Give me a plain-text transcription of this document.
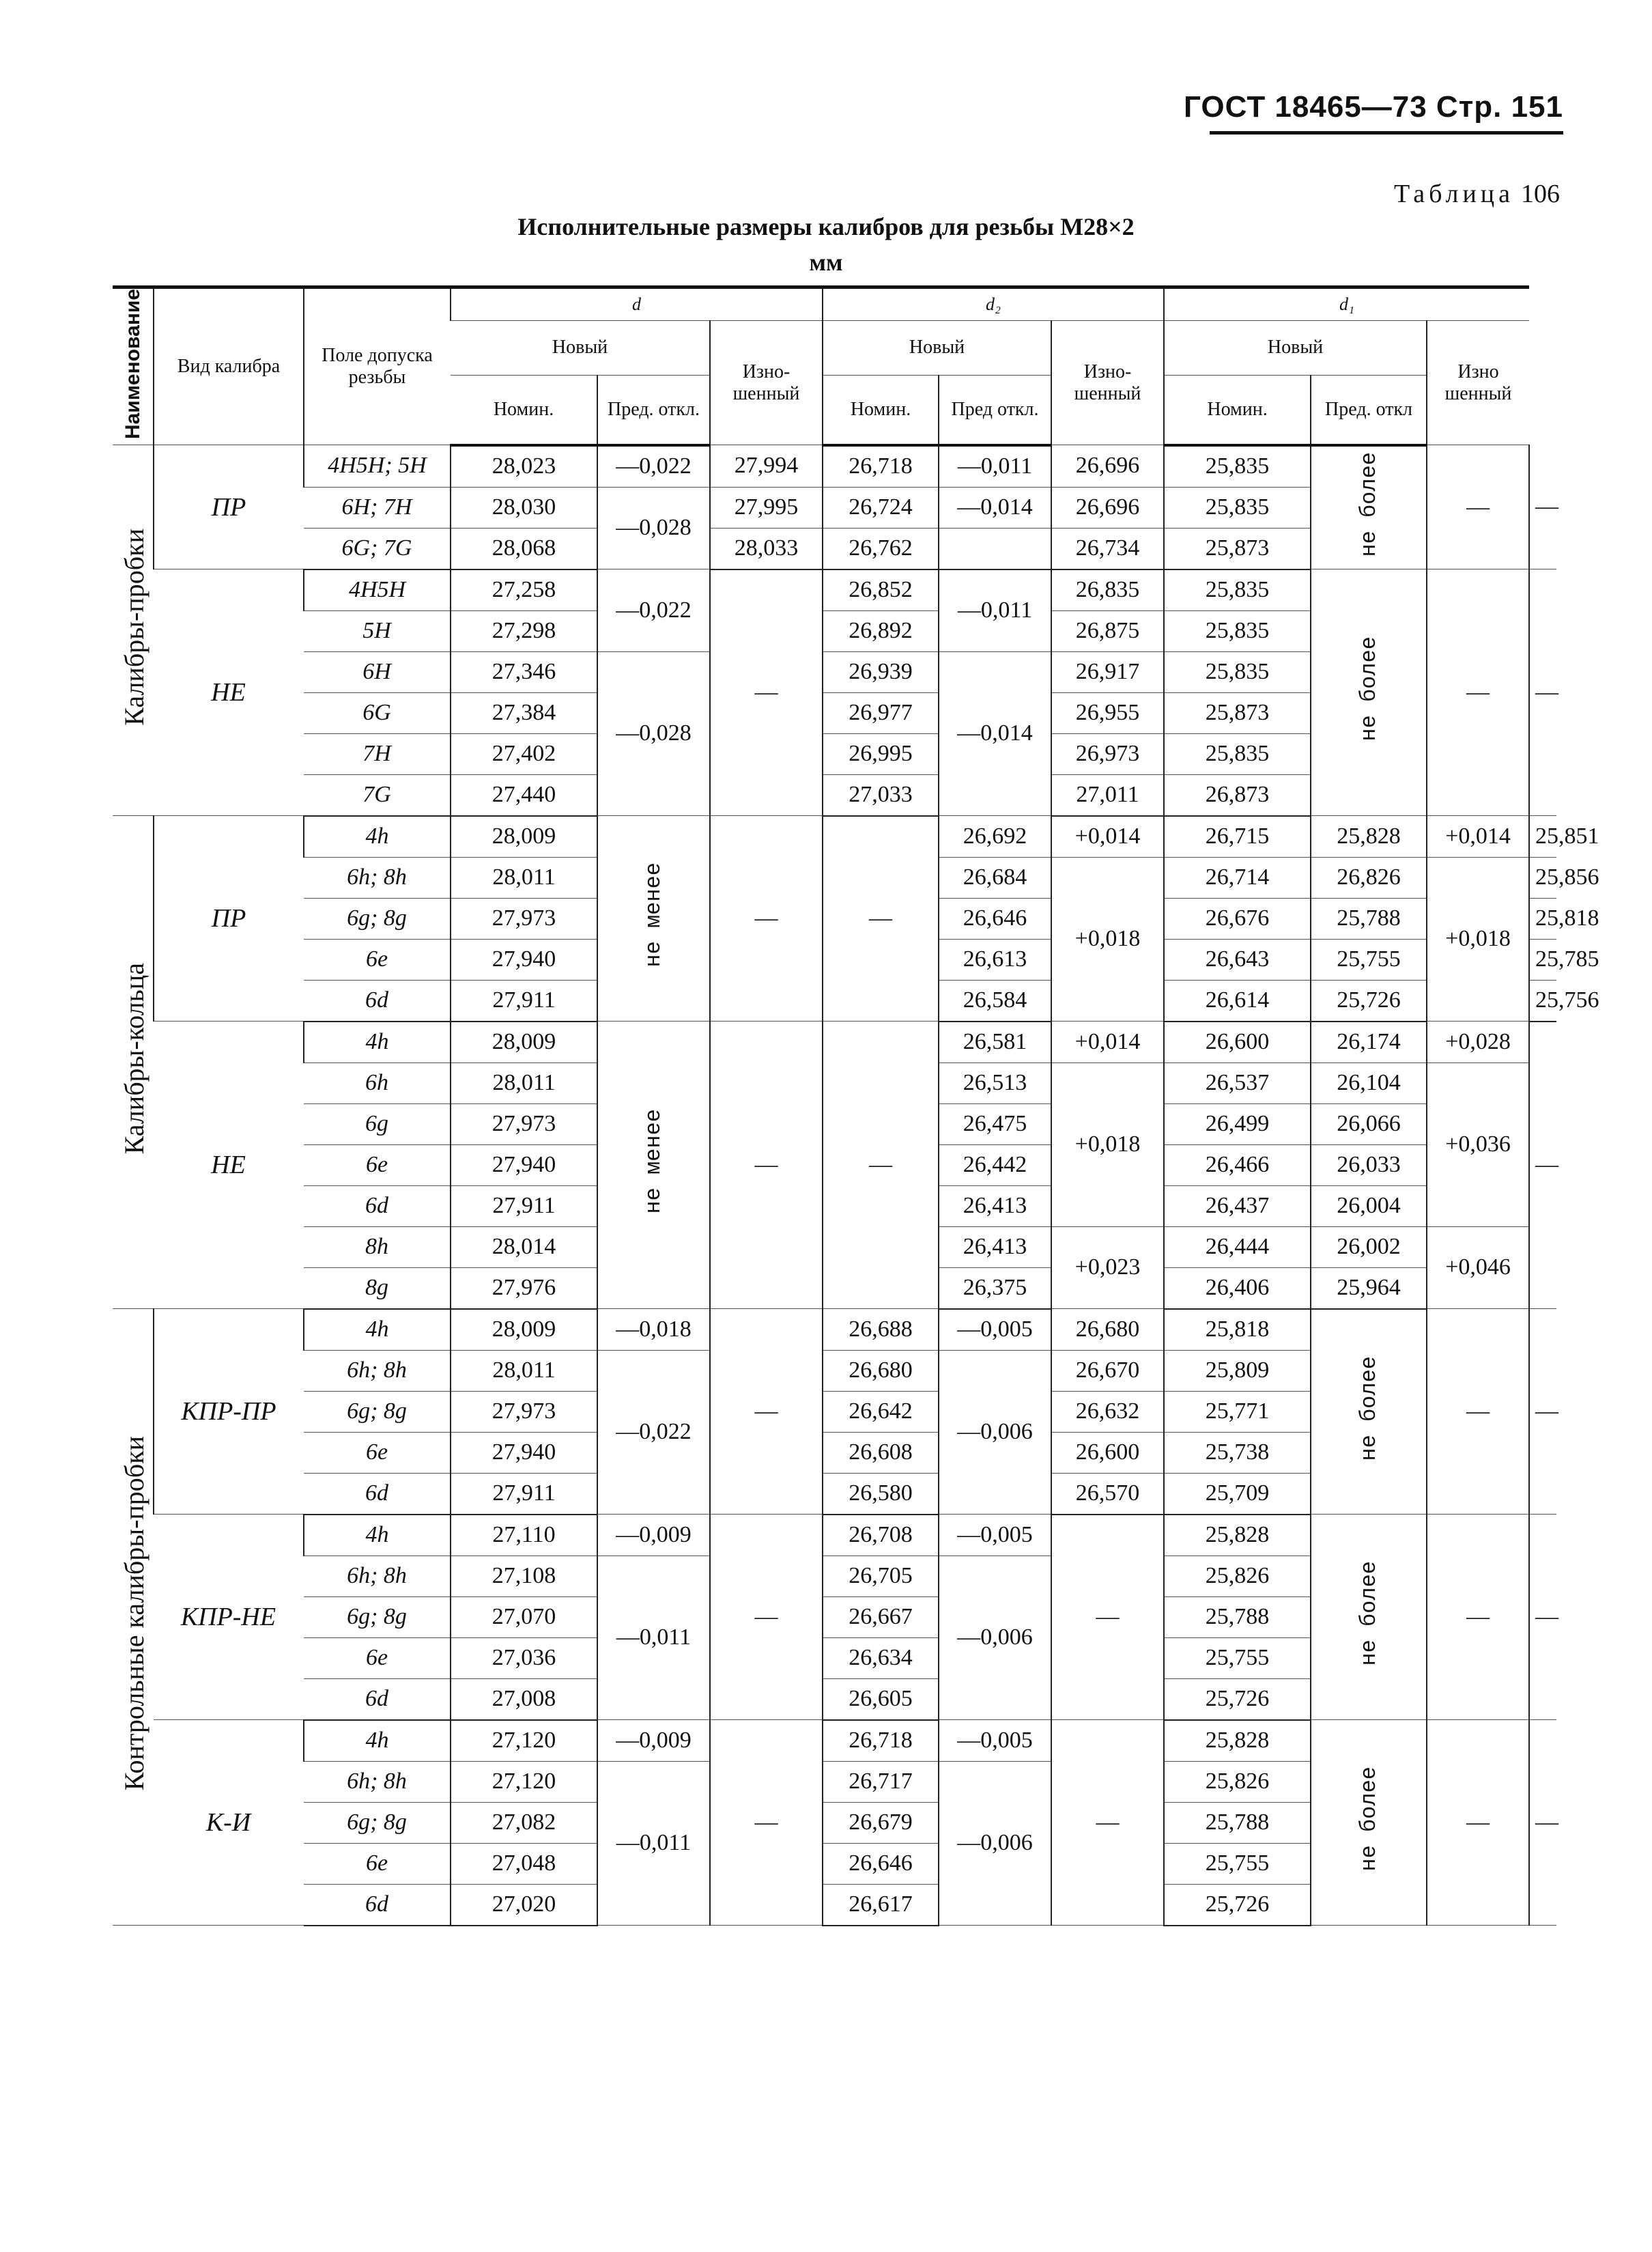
ГОСТ 18465—73 Стр. 151
Таблица 106
Исполнительные размеры калибров для резьбы М28×2
мм
Наименование	Вид калибра	Поле допуска резьбы	d			d₂			d₁			
			Новый		Изно- шенный	Новый		Изно- шенный	Новый		Изно шенный	
			Номин.	Пред. откл.		Номин.	Пред откл.		Номин.	Пред. откл		
Калибры-пробки	ПР	4H5H; 5H	28,023	—0,022	27,994	26,718	—0,011	26,696	25,835	не более	—	—
		6H; 7H	28,030	—0,028	27,995	26,724	—0,014	26,696	25,835			
		6G; 7G	28,068		28,033	26,762		26,734	25,873			
	НЕ	4H5H	27,258	—0,022	—	26,852	—0,011	26,835	25,835	не более	—	—
		5H	27,298			26,892		26,875	25,835			
		6H	27,346	—0,028		26,939	—0,014	26,917	25,835			
		6G	27,384			26,977		26,955	25,873			
		7H	27,402			26,995		26,973	25,835			
		7G	27,440			27,033		27,011	26,873			
Калибры-кольца	ПР	4h	28,009	не менее	—	—	26,692	+0,014	26,715	25,828	+0,014	25,851
		6h; 8h	28,011				26,684	+0,018	26,714	26,826	+0,018	25,856
		6g; 8g	27,973				26,646		26,676	25,788		25,818
		6e	27,940				26,613		26,643	25,755		25,785
		6d	27,911				26,584		26,614	25,726		25,756
	НЕ	4h	28,009	не менее	—	—	26,581	+0,014	26,600	26,174	+0,028	—
		6h	28,011				26,513	+0,018	26,537	26,104	+0,036	
		6g	27,973				26,475		26,499	26,066		
		6e	27,940				26,442		26,466	26,033		
		6d	27,911				26,413		26,437	26,004		
		8h	28,014				26,413	+0,023	26,444	26,002	+0,046	
		8g	27,976				26,375		26,406	25,964		
Контрольные калибры-пробки	КПР-ПР	4h	28,009	—0,018	—	26,688	—0,005	26,680	25,818	не более	—	—
		6h; 8h	28,011	—0,022		26,680	—0,006	26,670	25,809			
		6g; 8g	27,973			26,642		26,632	25,771			
		6e	27,940			26,608		26,600	25,738			
		6d	27,911			26,580		26,570	25,709			
	КПР-НЕ	4h	27,110	—0,009	—	26,708	—0,005	—	25,828	не более	—	—
		6h; 8h	27,108	—0,011		26,705	—0,006		25,826			
		6g; 8g	27,070			26,667			25,788			
		6e	27,036			26,634			25,755			
		6d	27,008			26,605			25,726			
	К-И	4h	27,120	—0,009	—	26,718	—0,005	—	25,828	не более	—	—
		6h; 8h	27,120	—0,011		26,717	—0,006		25,826			
		6g; 8g	27,082			26,679			25,788			
		6e	27,048			26,646			25,755			
		6d	27,020			26,617			25,726			
